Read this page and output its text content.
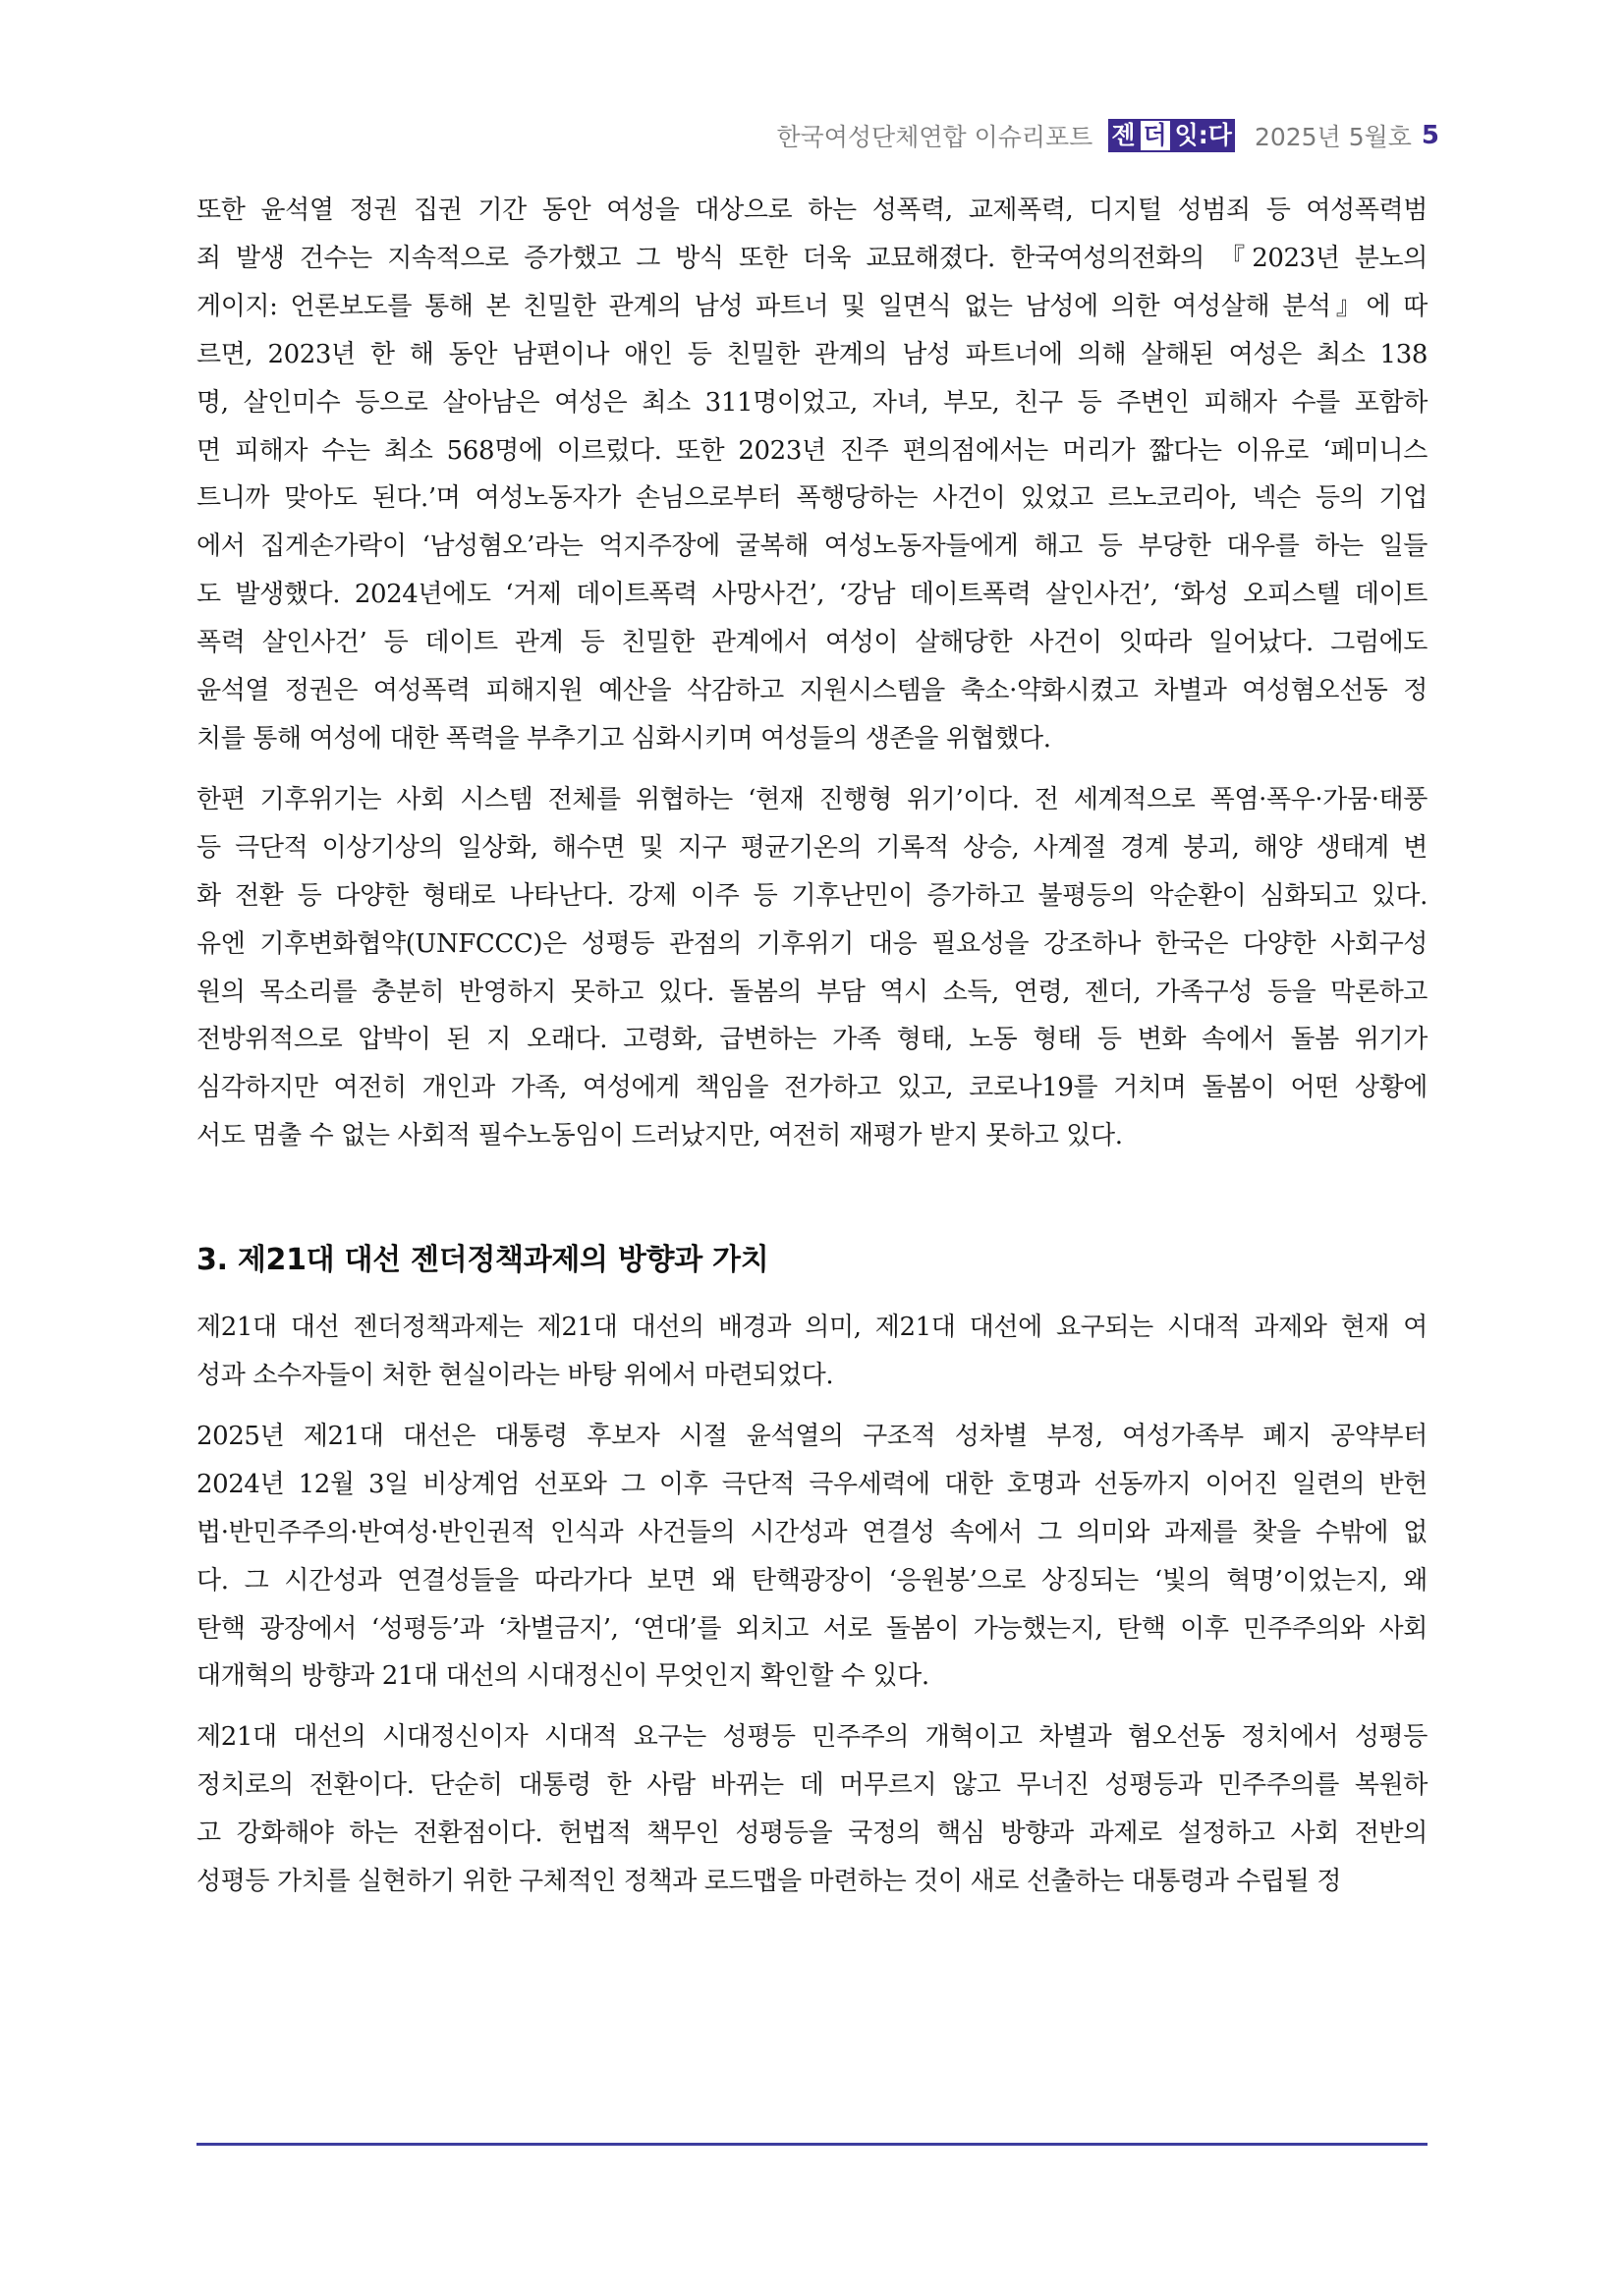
한국여성단체연합 이슈리포트 젠 더 잇:다 2025년 5월호 5
또한 윤석열 정권 집권 기간 동안 여성을 대상으로 하는 성폭력, 교제폭력, 디지털 성범죄 등 여성폭력범
죄 발생 건수는 지속적으로 증가했고 그 방식 또한 더욱 교묘해졌다. 한국여성의전화의 『2023년 분노의
게이지: 언론보도를 통해 본 친밀한 관계의 남성 파트너 및 일면식 없는 남성에 의한 여성살해 분석』에 따
르면, 2023년 한 해 동안 남편이나 애인 등 친밀한 관계의 남성 파트너에 의해 살해된 여성은 최소 138
명, 살인미수 등으로 살아남은 여성은 최소 311명이었고, 자녀, 부모, 친구 등 주변인 피해자 수를 포함하
면 피해자 수는 최소 568명에 이르렀다. 또한 2023년 진주 편의점에서는 머리가 짧다는 이유로 ‘페미니스
트니까 맞아도 된다.’며 여성노동자가 손님으로부터 폭행당하는 사건이 있었고 르노코리아, 넥슨 등의 기업
에서 집게손가락이 ‘남성혐오’라는 억지주장에 굴복해 여성노동자들에게 해고 등 부당한 대우를 하는 일들
도 발생했다. 2024년에도 ‘거제 데이트폭력 사망사건’, ‘강남 데이트폭력 살인사건’, ‘화성 오피스텔 데이트
폭력 살인사건’ 등 데이트 관계 등 친밀한 관계에서 여성이 살해당한 사건이 잇따라 일어났다. 그럼에도
윤석열 정권은 여성폭력 피해지원 예산을 삭감하고 지원시스템을 축소·약화시켰고 차별과 여성혐오선동 정
치를 통해 여성에 대한 폭력을 부추기고 심화시키며 여성들의 생존을 위협했다.
한편 기후위기는 사회 시스템 전체를 위협하는 ‘현재 진행형 위기’이다. 전 세계적으로 폭염·폭우·가뭄·태풍
등 극단적 이상기상의 일상화, 해수면 및 지구 평균기온의 기록적 상승, 사계절 경계 붕괴, 해양 생태계 변
화 전환 등 다양한 형태로 나타난다. 강제 이주 등 기후난민이 증가하고 불평등의 악순환이 심화되고 있다.
유엔 기후변화협약(UNFCCC)은 성평등 관점의 기후위기 대응 필요성을 강조하나 한국은 다양한 사회구성
원의 목소리를 충분히 반영하지 못하고 있다. 돌봄의 부담 역시 소득, 연령, 젠더, 가족구성 등을 막론하고
전방위적으로 압박이 된 지 오래다. 고령화, 급변하는 가족 형태, 노동 형태 등 변화 속에서 돌봄 위기가
심각하지만 여전히 개인과 가족, 여성에게 책임을 전가하고 있고, 코로나19를 거치며 돌봄이 어떤 상황에
서도 멈출 수 없는 사회적 필수노동임이 드러났지만, 여전히 재평가 받지 못하고 있다.
3. 제21대 대선 젠더정책과제의 방향과 가치
제21대 대선 젠더정책과제는 제21대 대선의 배경과 의미, 제21대 대선에 요구되는 시대적 과제와 현재 여
성과 소수자들이 처한 현실이라는 바탕 위에서 마련되었다.
2025년 제21대 대선은 대통령 후보자 시절 윤석열의 구조적 성차별 부정, 여성가족부 폐지 공약부터
2024년 12월 3일 비상계엄 선포와 그 이후 극단적 극우세력에 대한 호명과 선동까지 이어진 일련의 반헌
법·반민주주의·반여성·반인권적 인식과 사건들의 시간성과 연결성 속에서 그 의미와 과제를 찾을 수밖에 없
다. 그 시간성과 연결성들을 따라가다 보면 왜 탄핵광장이 ‘응원봉’으로 상징되는 ‘빛의 혁명’이었는지, 왜
탄핵 광장에서 ‘성평등’과 ‘차별금지’, ‘연대’를 외치고 서로 돌봄이 가능했는지, 탄핵 이후 민주주의와 사회
대개혁의 방향과 21대 대선의 시대정신이 무엇인지 확인할 수 있다.
제21대 대선의 시대정신이자 시대적 요구는 성평등 민주주의 개혁이고 차별과 혐오선동 정치에서 성평등
정치로의 전환이다. 단순히 대통령 한 사람 바뀌는 데 머무르지 않고 무너진 성평등과 민주주의를 복원하
고 강화해야 하는 전환점이다. 헌법적 책무인 성평등을 국정의 핵심 방향과 과제로 설정하고 사회 전반의
성평등 가치를 실현하기 위한 구체적인 정책과 로드맵을 마련하는 것이 새로 선출하는 대통령과 수립될 정
